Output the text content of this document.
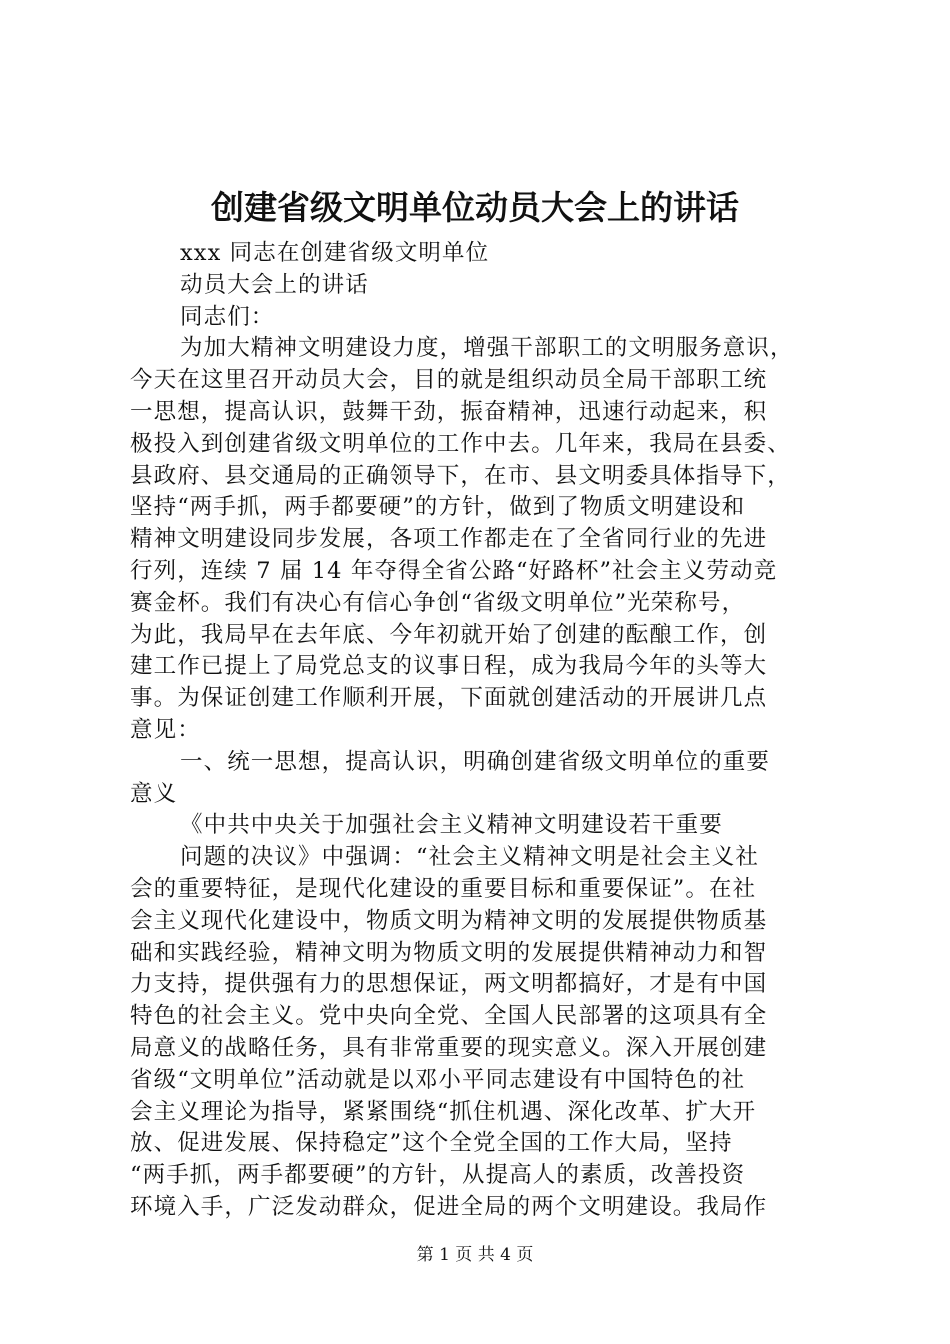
创建省级文明单位动员大会上的讲话
xxx 同志在创建省级文明单位
动员大会上的讲话
同志们：
为加大精神文明建设力度，增强干部职工的文明服务意识，
今天在这里召开动员大会，目的就是组织动员全局干部职工统
一思想，提高认识，鼓舞干劲，振奋精神，迅速行动起来，积
极投入到创建省级文明单位的工作中去。几年来，我局在县委、
县政府、县交通局的正确领导下，在市、县文明委具体指导下，
坚持“两手抓，两手都要硬”的方针，做到了物质文明建设和
精神文明建设同步发展，各项工作都走在了全省同行业的先进
行列，连续 7 届 14 年夺得全省公路“好路杯”社会主义劳动竞
赛金杯。我们有决心有信心争创“省级文明单位”光荣称号，
为此，我局早在去年底、今年初就开始了创建的酝酿工作，创
建工作已提上了局党总支的议事日程，成为我局今年的头等大
事。为保证创建工作顺利开展，下面就创建活动的开展讲几点
意见：
一、统一思想，提高认识，明确创建省级文明单位的重要
意义
《中共中央关于加强社会主义精神文明建设若干重要
问题的决议》中强调：“社会主义精神文明是社会主义社
会的重要特征，是现代化建设的重要目标和重要保证”。在社
会主义现代化建设中，物质文明为精神文明的发展提供物质基
础和实践经验，精神文明为物质文明的发展提供精神动力和智
力支持，提供强有力的思想保证，两文明都搞好，才是有中国
特色的社会主义。党中央向全党、全国人民部署的这项具有全
局意义的战略任务，具有非常重要的现实意义。深入开展创建
省级“文明单位”活动就是以邓小平同志建设有中国特色的社
会主义理论为指导，紧紧围绕“抓住机遇、深化改革、扩大开
放、促进发展、保持稳定”这个全党全国的工作大局，坚持
“两手抓，两手都要硬”的方针，从提高人的素质，改善投资
环境入手，广泛发动群众，促进全局的两个文明建设。我局作
第 1 页 共 4 页
